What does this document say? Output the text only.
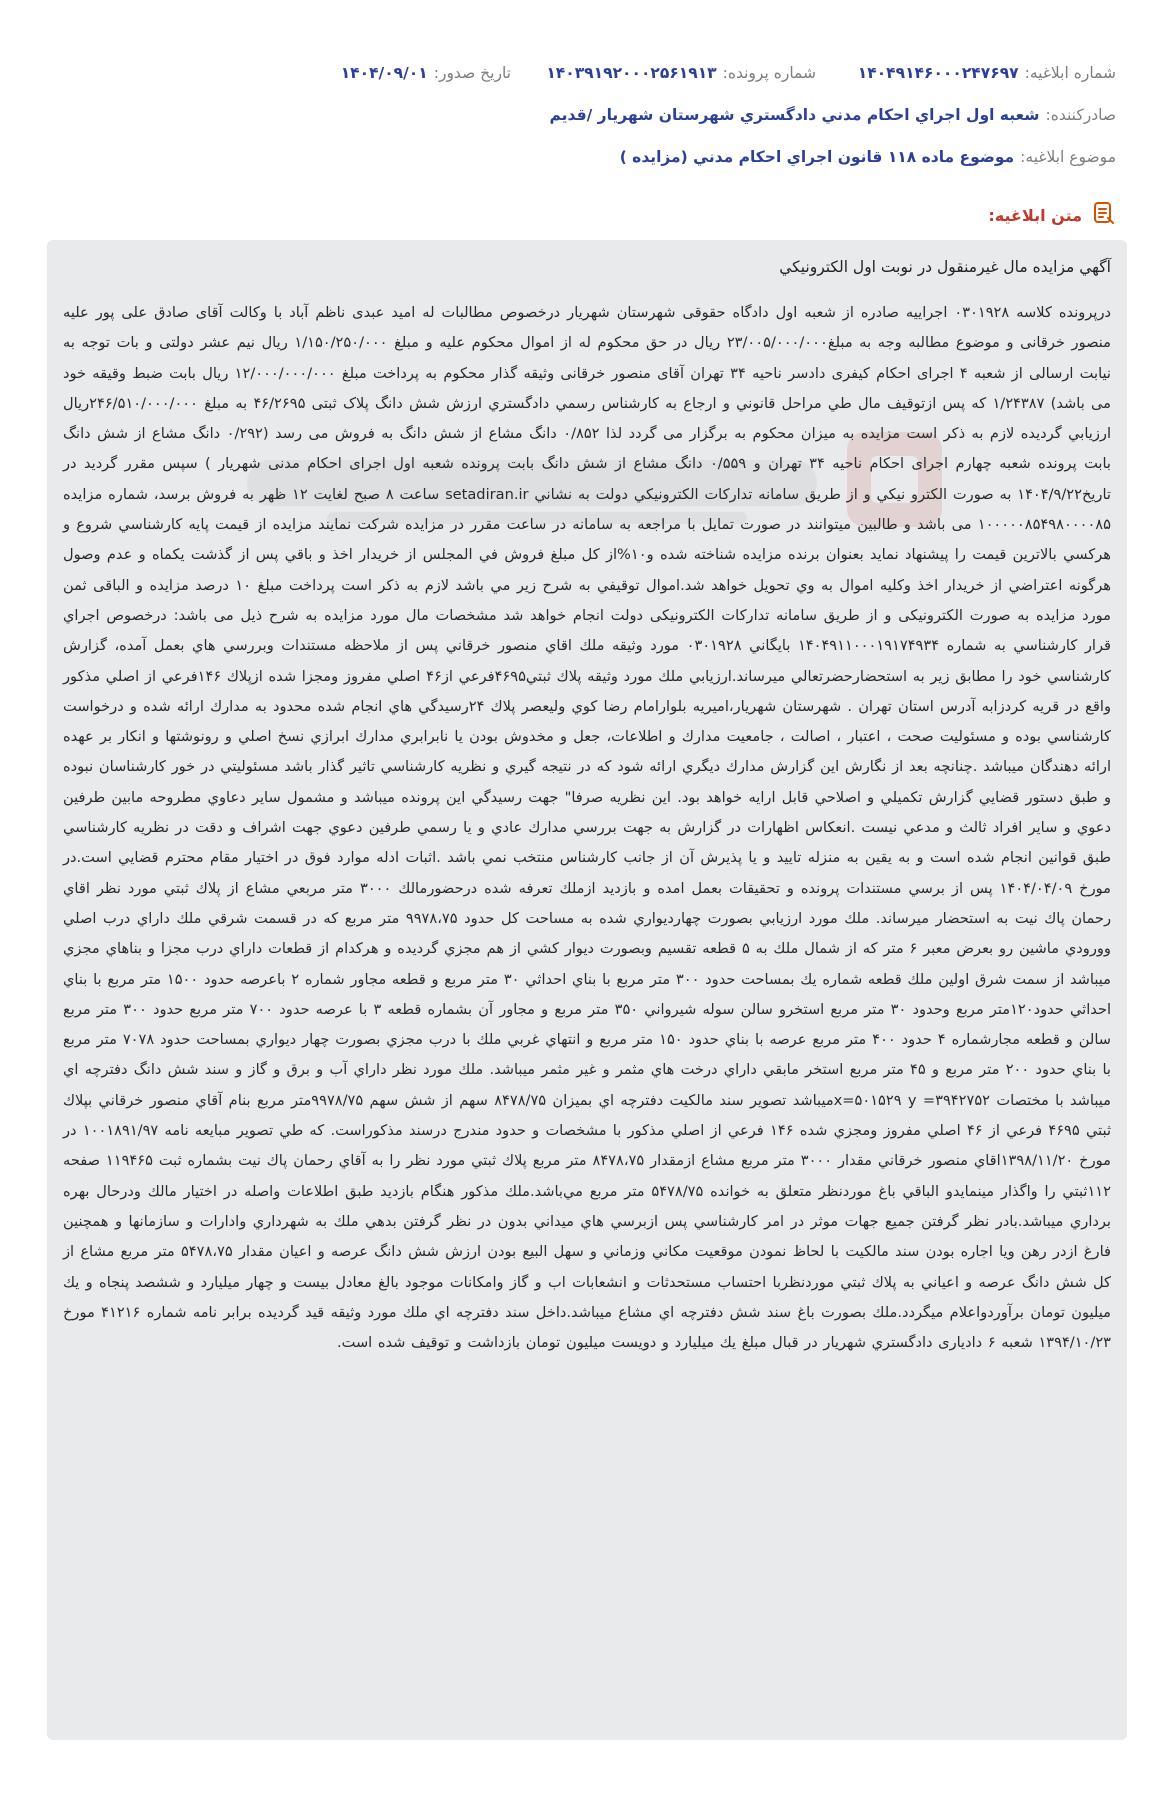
شماره ابلاغيه:
۱۴۰۴۹۱۴۶۰۰۰۲۴۷۶۹۷
شماره پرونده:
۱۴۰۳۹۱۹۲۰۰۰۲۵۶۱۹۱۳
تاريخ صدور:
۱۴۰۴/۰۹/۰۱
صادرکننده:
شعبه اول اجراي احكام مدني دادگستري شهرستان شهريار /قديم
موضوع ابلاغيه:
موضوع ماده ۱۱۸ قانون اجراي احكام مدني (مزايده )
متن ابلاغيه:
آگهي مزايده مال غيرمنقول در نوبت اول الكترونيكي
درپرونده کلاسه ۰۳۰۱۹۲۸ اجراييه صادره از شعبه اول دادگاه حقوقی شهرستان شهريار درخصوص مطالبات له اميد عبدی ناظم آباد با وکالت آقای صادق علی پور عليه منصور خرقانی و موضوع مطالبه وجه به مبلغ۲۳/۰۰۵/۰۰۰/۰۰۰ ريال در حق محکوم له از اموال محکوم عليه و مبلغ ۱/۱۵۰/۲۵۰/۰۰۰ ريال نيم عشر دولتی و بات توجه به نيابت ارسالی از شعبه ۴ اجرای احکام کيفری دادسر ناحيه ۳۴ تهران آقای منصور خرقانی وثيقه گذار محکوم به پرداخت مبلغ ۱۲/۰۰۰/۰۰۰/۰۰۰ ريال بابت ضبط وقيقه خود می باشد) ۱/۲۴۳۸۷ که پس ازتوقيف مال طي مراحل قانوني و ارجاع به كارشناس رسمي دادگستري ارزش شش دانگ پلاک ثبتی ۴۶/۲۶۹۵ به مبلغ ۲۴۶/۵۱۰/۰۰۰/۰۰۰ريال ارزيابي گرديده لازم به ذکر است مزايده به ميزان محکوم به برگزار می گردد لذا ۰/۸۵۲ دانگ مشاع از شش دانگ به فروش می رسد (۰/۲۹۲ دانگ مشاع از شش دانگ بابت پرونده شعبه چهارم اجرای احکام ناحيه ۳۴ تهران و ۰/۵۵۹ دانگ مشاع از شش دانگ بابت پرونده شعبه اول اجرای احکام مدنی شهريار ) سپس مقرر گرديد در تاريخ۱۴۰۴/۹/۲۲ به صورت الكترو نيكي و از طريق سامانه تداركات الكترونيكي دولت به نشاني setadiran.ir ساعت ۸ صبح لغايت ۱۲ ظهر به فروش برسد، شماره مزايده ۱۰۰۰۰۰۸۵۴۹۸۰۰۰۰۸۵ می باشد و طالبين ميتوانند در صورت تمايل با مراجعه به سامانه در ساعت مقرر در مزايده شركت نمايند مزايده از قيمت پايه كارشناسي شروع و هركسي بالاترين قيمت را پيشنهاد نمايد بعنوان برنده مزايده شناخته شده و۱۰%از كل مبلغ فروش في المجلس از خريدار اخذ و باقي پس از گذشت يكماه و عدم وصول هرگونه اعتراضي از خريدار اخذ وكليه اموال به وي تحويل خواهد شد.اموال توقيفي به شرح زير مي باشد لازم به ذكر است پرداخت مبلغ ۱۰ درصد مزايده و الباقی ثمن مورد مزايده به صورت الكترونيكی و از طريق سامانه تداركات الكترونيكی دولت انجام خواهد شد مشخصات مال مورد مزايده به شرح ذيل می باشد: درخصوص اجراي قرار كارشناسي به شماره ۱۴۰۴۹۱۱۰۰۰۱۹۱۷۴۹۳۴ بايگاني ۰۳۰۱۹۲۸ مورد وثيقه ملك اقاي منصور خرقاني پس از ملاحظه مستندات وبررسي هاي بعمل آمده، گزارش كارشناسي خود را مطابق زير به استحضارحضرتعالي ميرساند.ارزيابي ملك مورد وثيقه پلاك ثبتي۴۶۹۵فرعي از۴۶ اصلي مفروز ومجزا شده ازپلاك ۱۴۶فرعي از اصلي مذكور واقع در قريه كردزابه آدرس استان تهران . شهرستان شهريار،اميريه بلوارامام رضا كوي وليعصر پلاك ۲۴رسيدگي هاي انجام شده محدود به مدارك ارائه شده و درخواست كارشناسي بوده و مسئوليت صحت ، اعتبار ، اصالت ، جامعيت مدارك و اطلاعات، جعل و مخدوش بودن يا نابرابري مدارك ابرازي نسخ اصلي و رونوشتها و انكار بر عهده ارائه دهندگان ميباشد .چنانچه بعد از نگارش اين گزارش مدارك ديگري ارائه شود كه در نتيجه گيري و نظريه كارشناسي تاثير گذار باشد مسئوليتي در خور كارشناسان نبوده و طبق دستور قضايي گزارش تكميلي و اصلاحي قابل ارايه خواهد بود. اين نظريه صرفا" جهت رسيدگي اين پرونده ميباشد و مشمول ساير دعاوي مطروحه مابين طرفين دعوي و ساير افراد ثالث و مدعي نيست .انعكاس اظهارات در گزارش به جهت بررسي مدارك عادي و يا رسمي طرفين دعوي جهت اشراف و دقت در نظريه كارشناسي طبق قوانين انجام شده است و به يقين به منزله تاييد و يا پذيرش آن از جانب كارشناس منتخب نمي باشد .اثبات ادله موارد فوق در اختيار مقام محترم قضايي است.در مورخ ۱۴۰۴/۰۴/۰۹ پس از برسي مستندات پرونده و تحقيقات بعمل امده و بازديد ازملك تعرفه شده درحضورمالك ۳۰۰۰ متر مربعي مشاع از پلاك ثبتي مورد نظر اقاي رحمان پاك نيت به استحضار ميرساند. ملك مورد ارزيابي بصورت چهارديواري شده به مساحت كل حدود ۹۹۷۸،۷۵ متر مربع كه در قسمت شرقي ملك داراي درب اصلي وورودي ماشين رو بعرض معبر ۶ متر كه از شمال ملك به ۵ قطعه تقسيم وبصورت ديوار كشي از هم مجزي گرديده و هركدام از قطعات داراي درب مجزا و بناهاي مجزي ميباشد از سمت شرق اولين ملك قطعه شماره يك بمساحت حدود ۳۰۰ متر مربع با بناي احداثي ۳۰ متر مربع و قطعه مجاور شماره ۲ باعرصه حدود ۱۵۰۰ متر مربع با بناي احداثي حدود۱۲۰متر مربع وحدود ۳۰ متر مربع استخرو سالن سوله شيرواني ۳۵۰ متر مربع و مجاور آن بشماره قطعه ۳ با عرصه حدود ۷۰۰ متر مربع حدود ۳۰۰ متر مربع سالن و قطعه مجارشماره ۴ حدود ۴۰۰ متر مربع عرصه با بناي حدود ۱۵۰ متر مربع و انتهاي غربي ملك با درب مجزي بصورت چهار ديواري بمساحت حدود ۷۰۷۸ متر مربع با بناي حدود ۲۰۰ متر مربع و ۴۵ متر مربع استخر مابقي داراي درخت هاي مثمر و غير مثمر ميباشد. ملك مورد نظر داراي آب و برق و گاز و سند شش دانگ دفترچه اي ميباشد با مختصات ۳۹۴۲۷۵۲= x=۵۰۱۵۲۹ yميباشد تصوير سند مالكيت دفترچه اي بميزان ۸۴۷۸/۷۵ سهم از شش سهم ۹۹۷۸/۷۵متر مربع بنام آقاي منصور خرقاني بپلاك ثبتي ۴۶۹۵ فرعي از ۴۶ اصلي مفروز ومجزي شده ۱۴۶ فرعي از اصلي مذكور با مشخصات و حدود مندرج درسند مذكوراست. كه طي تصوير مبايعه نامه ۱۰۰۱۸۹۱/۹۷ در مورخ ۱۳۹۸/۱۱/۲۰اقاي منصور خرقاني مقدار ۳۰۰۰ متر مربع مشاع ازمقدار ۸۴۷۸،۷۵ متر مربع پلاك ثبتي مورد نظر را به آقاي رحمان پاك نيت بشماره ثبت ۱۱۹۴۶۵ صفحه ۱۱۲ثبتي را واگذار مينمايدو الباقي باغ موردنظر متعلق به خوانده ۵۴۷۸/۷۵ متر مربع مي‌باشد.ملك مذكور هنگام بازديد طبق اطلاعات واصله در اختيار مالك ودرحال بهره برداري ميباشد.بادر نظر گرفتن جميع جهات موثر در امر كارشناسي پس ازبرسي هاي ميداني بدون در نظر گرفتن بدهي ملك به شهرداري وادارات و سازمانها و همچنين فارغ ازدر رهن ويا اجاره بودن سند مالكيت با لحاظ نمودن موقعيت مكاني وزماني و سهل البيع بودن ارزش شش دانگ عرصه و اعيان مقدار ۵۴۷۸،۷۵ متر مربع مشاع از كل شش دانگ عرصه و اعياني به پلاك ثبتي موردنظربا احتساب مستحدثات و انشعابات اب و گاز وامكانات موجود بالغ معادل بيست و چهار ميليارد و ششصد پنجاه و يك ميليون تومان برآوردواعلام ميگردد.ملك بصورت باغ سند شش دفترچه اي مشاع ميباشد.داخل سند دفترچه اي ملك مورد وثيقه قيد گرديده برابر نامه شماره ۴۱۲۱۶ مورخ ۱۳۹۴/۱۰/۲۳ شعبه ۶ داديارى دادگستري شهريار در قبال مبلغ يك ميليارد و دويست ميليون تومان بازداشت و توقيف شده است.
